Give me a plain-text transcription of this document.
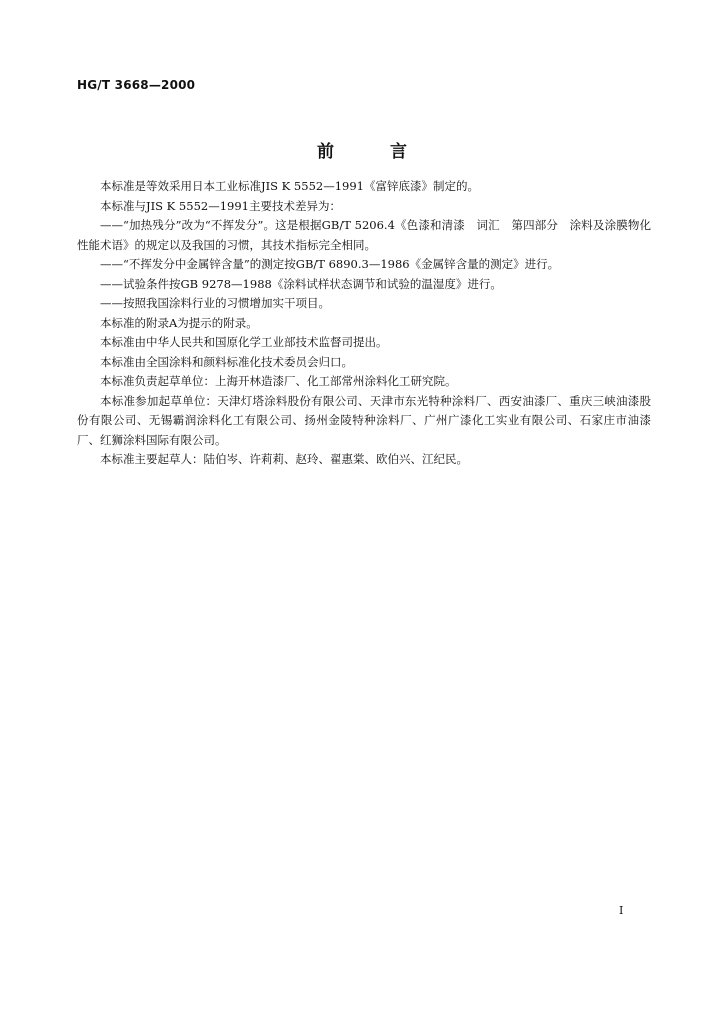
HG/T 3668—2000
前	言

本标准是等效采用日本工业标准JIS K 5552—1991《富锌底漆》制定的。

本标准与JIS K 5552—1991主要技术差异为：

——“加热残分”改为“不挥发分”。这是根据GB/T 5206.4《色漆和清漆　词汇　第四部分　涂料及涂膜物化性能术语》的规定以及我国的习惯，其技术指标完全相同。

——“不挥发分中金属锌含量”的测定按GB/T 6890.3—1986《金属锌含量的测定》进行。

——试验条件按GB 9278—1988《涂料试样状态调节和试验的温湿度》进行。

——按照我国涂料行业的习惯增加实干项目。

本标准的附录A为提示的附录。

本标准由中华人民共和国原化学工业部技术监督司提出。

本标准由全国涂料和颜料标准化技术委员会归口。

本标准负责起草单位：上海开林造漆厂、化工部常州涂料化工研究院。

本标准参加起草单位：天津灯塔涂料股份有限公司、天津市东光特种涂料厂、西安油漆厂、重庆三峡油漆股份有限公司、无锡霸润涂料化工有限公司、扬州金陵特种涂料厂、广州广漆化工实业有限公司、石家庄市油漆厂、红狮涂料国际有限公司。

本标准主要起草人：陆伯岑、许莉莉、赵玲、翟惠棠、欧伯兴、江纪民。

I
